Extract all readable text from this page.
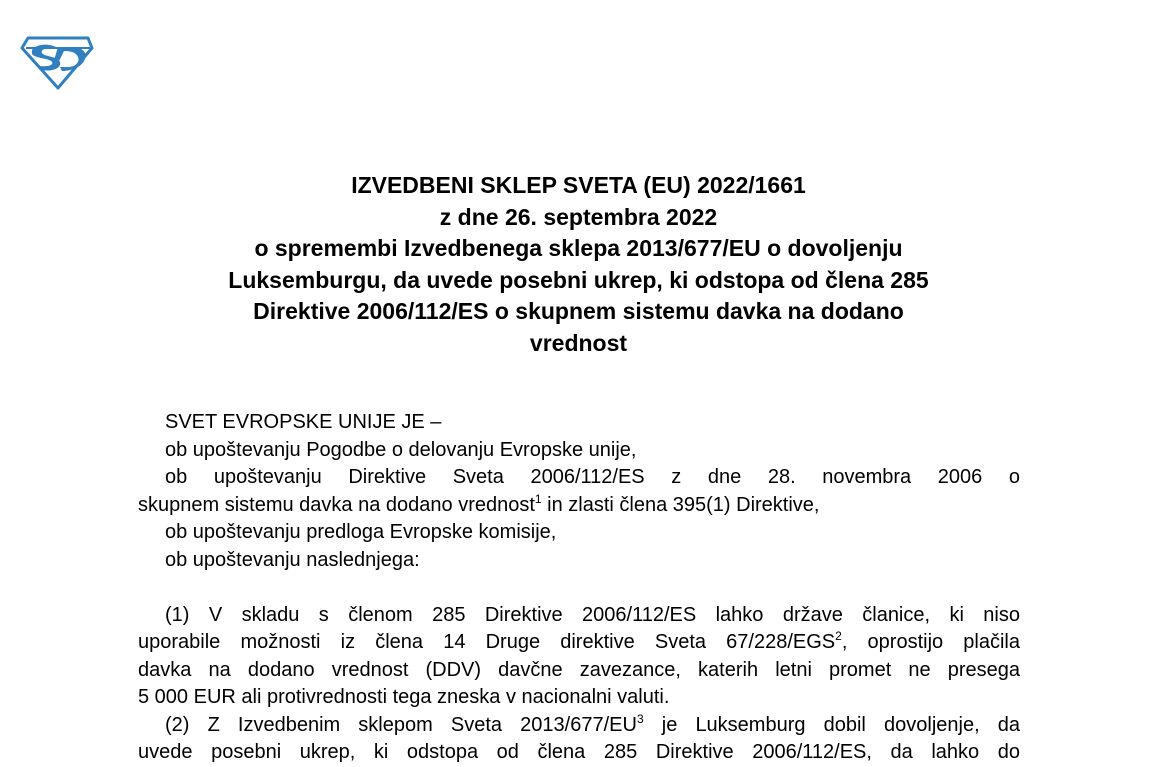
IZVEDBENI SKLEP SVETA (EU) 2022/1661
z dne 26. septembra 2022
o spremembi Izvedbenega sklepa 2013/677/EU o dovoljenju
Luksemburgu, da uvede posebni ukrep, ki odstopa od člena 285
Direktive 2006/112/ES o skupnem sistemu davka na dodano
vrednost

SVET EVROPSKE UNIJE JE –

ob upoštevanju Pogodbe o delovanju Evropske unije,

ob upoštevanju Direktive Sveta 2006/112/ES z dne 28. novembra 2006 o

skupnem sistemu davka na dodano vrednost$^1$ in zlasti člena 395(1) Direktive,

ob upoštevanju predloga Evropske komisije,

ob upoštevanju naslednjega:

(1) V skladu s členom 285 Direktive 2006/112/ES lahko države članice, ki niso

uporabile možnosti iz člena 14 Druge direktive Sveta 67/228/EGS$^2$, oprostijo plačila

davka na dodano vrednost (DDV) davčne zavezance, katerih letni promet ne presega

5 000 EUR ali protivrednosti tega zneska v nacionalni valuti.

(2) Z Izvedbenim sklepom Sveta $2013/677/EU^3$ je Luksemburg dobil dovoljenje, da

uvede posebni ukrep, ki odstopa od člena 285 Direktive 2006/112/ES, da lahko do
